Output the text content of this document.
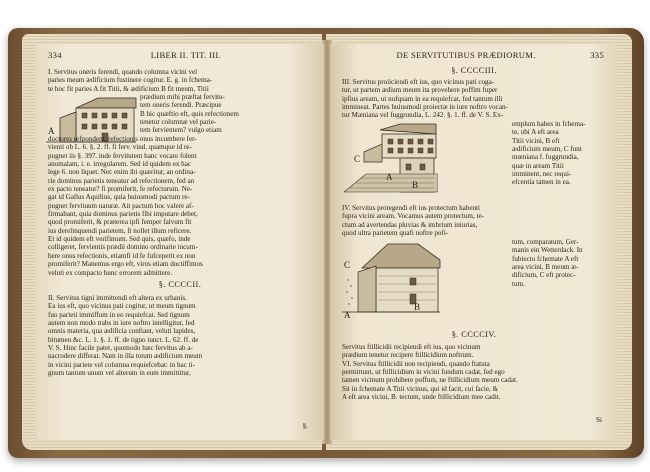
334	LIBER II. TIT. III.
I. Servitus oneris ferendi, quando columna vicini vel
paries meum ædificium fustinere cogitur. E. g. in fchema-
te hoc fit paries A fit Titii, & ædificium B fit meum, Titii
A
prædium mihi præftat fervitu-
tem oneris ferendi. Præcipue
B hic quæftio eft, quis refectionem
tenetur columnæ vel parie-
tem fervientem? vulgo etiam
doctores refpondent, refectionis onus incumbere fer-
vienti ob L. 6. §. 2. ff. fi ferv. vind. quamque id re-
pugnet iis §. 397. inde fervitutem hanc vocare folent
anomalam, i. e. irregularem. Sed id quidem ex hac
lege 6. non liquet. Nec enim ibi quæritur, an ordina-
rie dominus parietis teneatur ad refectionem, fed an
ex pacto teneatur? fi promiferit, fe refecturum. Ne-
gat id Gallus Aquilius, quia huiusmodi pactum re-
pugnet fervituum naturæ. Ait pactum hoc valere af-
firmabant, quia dominus parietis fibi imputare debet,
quod promiferit, & præterea ipfi femper falvum fit
ius derelinquendi parietem, fi nollet illum reficere.
Et id quidem eft verifimum. Sed quis, quæfo, inde
colligeret, fervientis prædii domino ordinarie incum-
bere onus refectionis, etiamfi id fe fufceperit ex non
promiferit? Manemus ergo eft, viros etiam doctiffimos
veluti ex compacto hunc errorem admittere.
§. CCCCII.
II. Servitus tigni immittendi eft altera ex urbanis.
Ea ius eft, quo vicinus pati cogitur, ut meum tignum
fuo parieti immiffum in eo requiefcat. Sed tignum
autem non modo trabs in iure noftro intelligitur, fed
omnis materia, qua ædificia conftant, veluti lapides,
bitumen &c. L. 1. §. 1. ff. de tigno iunct. L. 62. ff. de
V. S. Hinc facile patet, quomodo hæc fervitus ab a-
nacrodere differat. Nam in illa totum ædificium meum
in vicini pariete vel columna requiefcebat: in hac ti-
gnum tantum unum vel alterum in eum immittitur,
§.
DE SERVITUTIBUS PRÆDIORUM.	335
§. CCCCIII.
III. Servitus proiiciendi eft ius, quo vicinus pati coga-
tur, ut partem ædium meum ita provehere poffim fuper
ipfius aream, ut nufquam in ea requiefcat, fed tantum illi
immineat. Partes huiusmodi proiectæ in iure noftro vocan-
tur Mæniana vel fuggrundia, L. 242. §. 1. ff. de V. S. Ex-
C
A
B
emplum habes in fchema-
te, ubi A eft area
Titii vicini, B eft
ædificium meum, C funt
mœniana f. fuggrundia,
quæ in aream Titii
imminent, nec requi-
efcentia tamen in ea.
IV. Servitus protegendi eft ius protectum habenti
fupra vicini aream. Vocamus autem protectum, te-
ctum ad avertendas pluvias & imbrium iniurias,
quod ultra parietem quafi noftre pofi-
C
A
B
tum, comparatum, Ger-
manis ein Wetterdack. In
fubiecto fchemate A eft
area vicini, B meum æ-
dificium, C eft protec-
tum.
§. CCCCIV.
Servitus ftillicidii recipiendi eft ius, quo vicinum
prædium tenetur recipere ftillicidium noftrum.
VI. Servitus ftillicidii non recipiendi, quando ftatuta
permittunt, ut ftillicidium in vicini fundum cadat, fed ego
tamen vicinum prohibere poffum, ne ftillicidium meum cadat.
Sit in fchemate A Titii vicinus, qui id facit, cui facie, &
A eft area vicini, B. tectum, unde ftillicidium mee cadit.
Si
